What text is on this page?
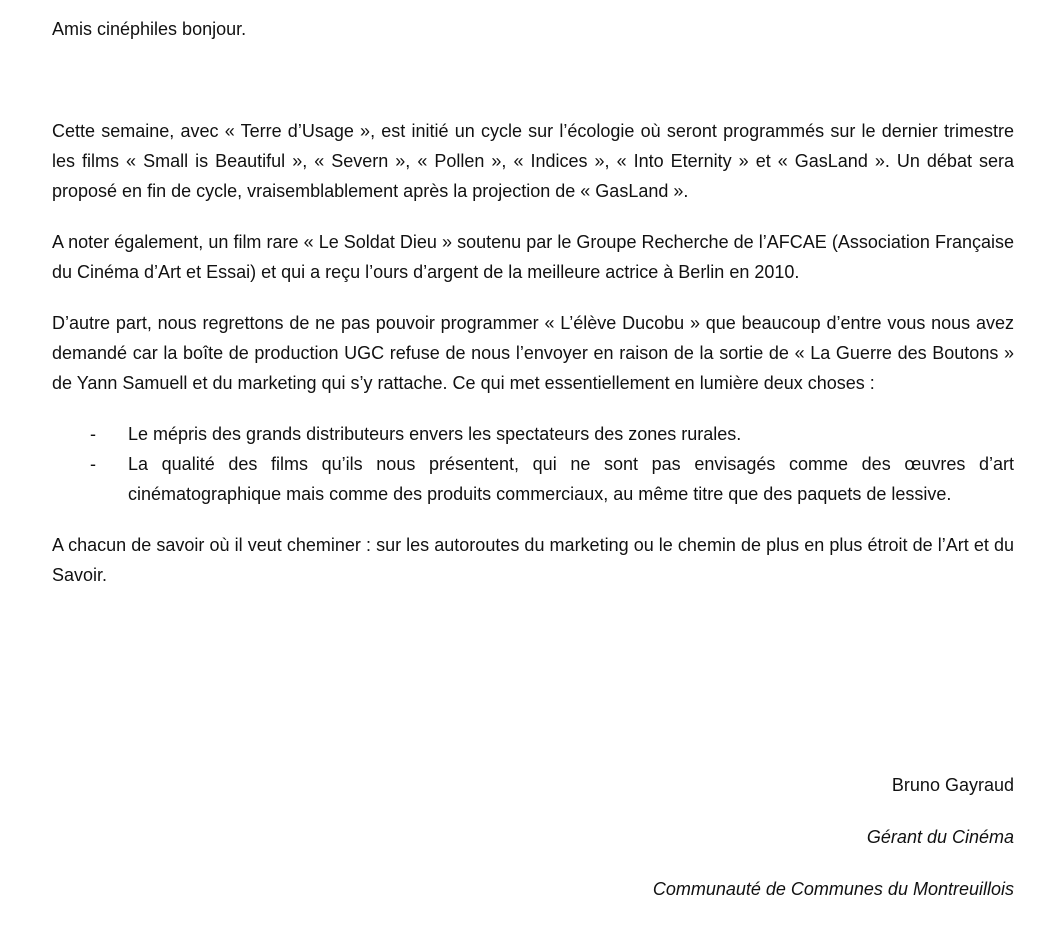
Amis cinéphiles bonjour.

Cette semaine, avec « Terre d’Usage », est initié un cycle sur l’écologie où seront programmés sur le dernier trimestre les films « Small is Beautiful », « Severn », « Pollen », « Indices », « Into Eternity » et « GasLand ». Un débat sera proposé en fin de cycle, vraisemblablement après la projection de « GasLand ».

A noter également, un film rare « Le Soldat Dieu » soutenu par le Groupe Recherche de l’AFCAE (Association Française du Cinéma d’Art et Essai) et qui a reçu l’ours d’argent de la meilleure actrice à Berlin en 2010.

D’autre part, nous regrettons de ne pas pouvoir programmer « L’élève Ducobu » que beaucoup d’entre vous nous avez demandé car la boîte de production UGC refuse de nous l’envoyer en raison de la sortie de « La Guerre des Boutons » de Yann Samuell et du marketing qui s’y rattache. Ce qui met essentiellement en lumière deux choses :

- Le mépris des grands distributeurs envers les spectateurs des zones rurales.
- La qualité des films qu’ils nous présentent, qui ne sont pas envisagés comme des œuvres d’art cinématographique mais comme des produits commerciaux, au même titre que des paquets de lessive.

A chacun de savoir où il veut cheminer : sur les autoroutes du marketing ou le chemin de plus en plus étroit de l’Art et du Savoir.

Bruno Gayraud

Gérant du Cinéma

Communauté de Communes du Montreuillois
